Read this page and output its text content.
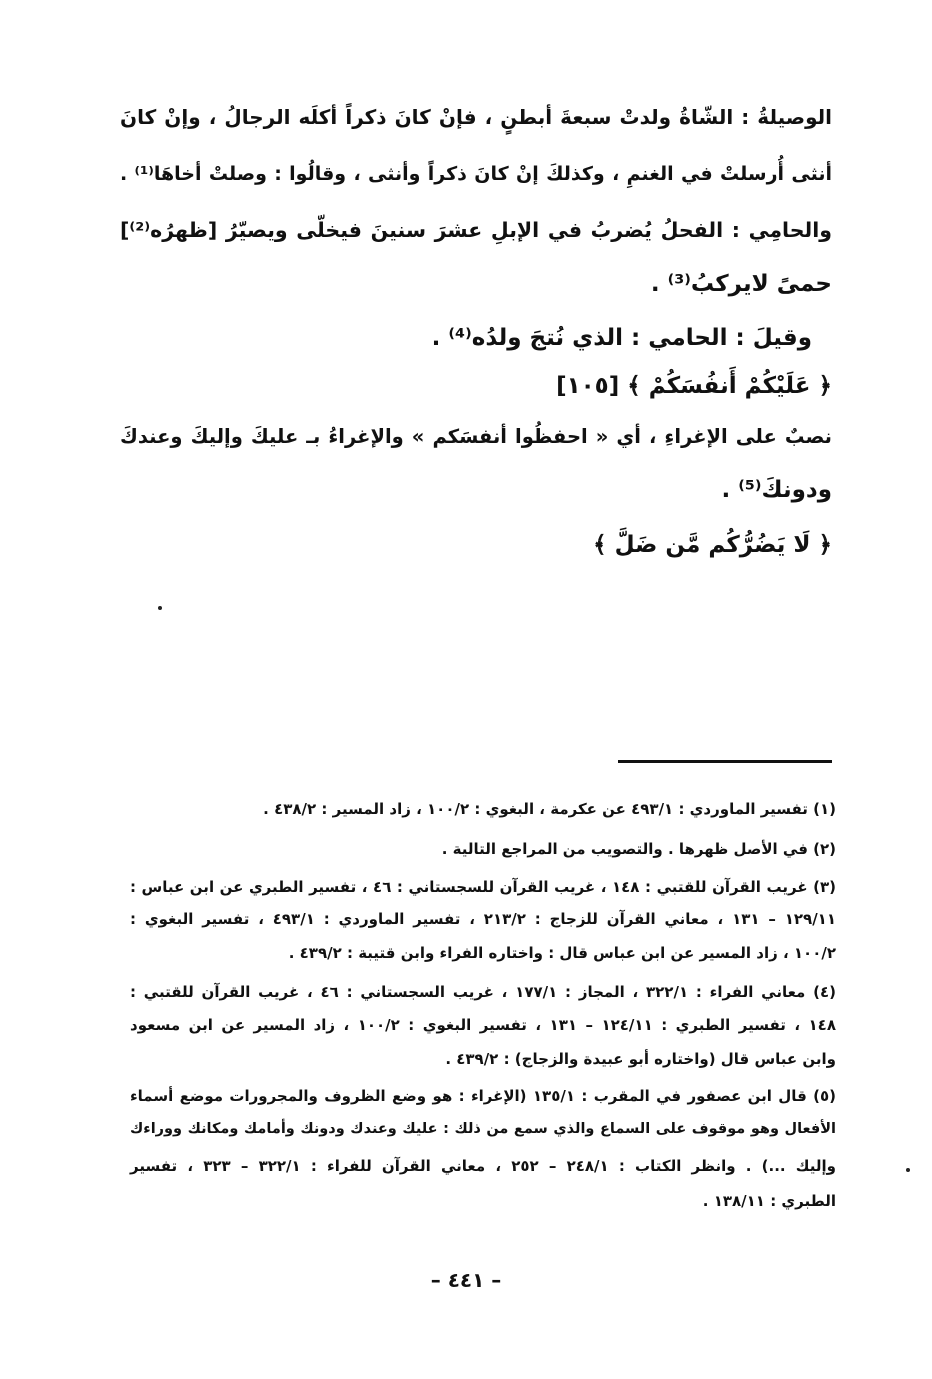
الوصيلةُ : الشّاةُ ولدتْ سبعةَ أبطنٍ ، فإنْ كانَ ذكراً أكلَه الرجالُ ، وإنْ كانَ
أنثى أُرسلتْ في الغنمِ ، وكذلكَ إنْ كانَ ذكراً وأنثى ، وقالُوا : وصلتْ أخاهَا⁽¹⁾ .
والحامِي : الفحلُ يُضربُ في الإبلِ عشرَ سنينَ فيخلّى ويصيّرُ [ظهرُه⁽²⁾]
حمىً لايركبُ⁽³⁾ .
وقيلَ : الحامي : الذي نُتجَ ولدُه⁽⁴⁾ .
﴿ عَلَيْكُمْ أَنفُسَكُمْ ﴾ [١٠٥]
نصبٌ على الإغراءِ ، أي « احفظُوا أنفسَكم » والإغراءُ بـ عليكَ وإليكَ وعندكَ
ودونكَ⁽⁵⁾ .
﴿ لَا يَضُرُّكُم مَّن ضَلَّ ﴾
(١) تفسير الماوردي : ٤٩٣/١ عن عكرمة ، البغوي : ١٠٠/٢ ، زاد المسير : ٤٣٨/٢ .
(٢) في الأصل ظهرها . والتصويب من المراجع التالية .
(٣) غريب القرآن للقتبي : ١٤٨ ، غريب القرآن للسجستاني : ٤٦ ، تفسير الطبري عن ابن عباس :
١٢٩/١١ – ١٣١ ، معاني القرآن للزجاج : ٢١٣/٢ ، تفسير الماوردي : ٤٩٣/١ ، تفسير البغوي :
١٠٠/٢ ، زاد المسير عن ابن عباس قال : واختاره الفراء وابن قتيبة : ٤٣٩/٢ .
(٤) معاني الفراء : ٣٢٢/١ ، المجاز : ١٧٧/١ ، غريب السجستاني : ٤٦ ، غريب القرآن للقتبي :
١٤٨ ، تفسير الطبري : ١٢٤/١١ – ١٣١ ، تفسير البغوي : ١٠٠/٢ ، زاد المسير عن ابن مسعود
وابن عباس قال (واختاره أبو عبيدة والزجاج) : ٤٣٩/٢ .
(٥) قال ابن عصفور في المقرب : ١٣٥/١ (الإغراء : هو وضع الظروف والمجرورات موضع أسماء
الأفعال وهو موقوف على السماع والذي سمع من ذلك : عليك وعندك ودونك وأمامك ومكانك ووراءك
وإليك ...) . وانظر الكتاب : ٢٤٨/١ – ٢٥٢ ، معاني القرآن للفراء : ٣٢٢/١ – ٣٢٣ ، تفسير
الطبري : ١٣٨/١١ .
– ٤٤١ –
